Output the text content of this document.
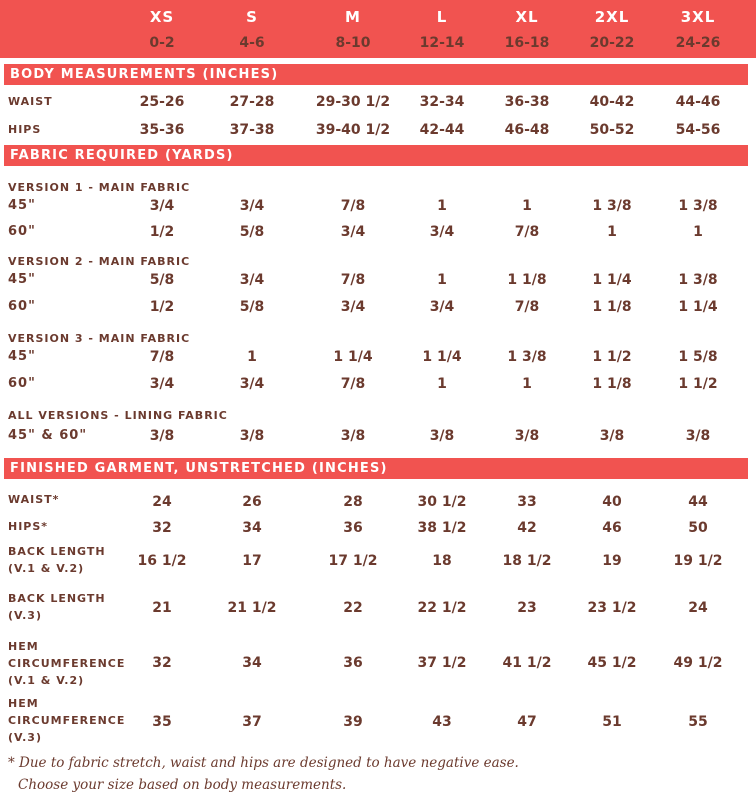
XS	S	M	L	XL	2XL	3XL
0-2	4-6	8-10	12-14	16-18	20-22	24-26
BODY MEASUREMENTS (INCHES)
WAIST	25-26	27-28	29-30 1/2	32-34	36-38	40-42	44-46
HIPS	35-36	37-38	39-40 1/2	42-44	46-48	50-52	54-56
FABRIC REQUIRED (YARDS)
VERSION 1 - MAIN FABRIC
45"	3/4	3/4	7/8	1	1	1 3/8	1 3/8
60"	1/2	5/8	3/4	3/4	7/8	1	1
VERSION 2 - MAIN FABRIC
45"	5/8	3/4	7/8	1	1 1/8	1 1/4	1 3/8
60"	1/2	5/8	3/4	3/4	7/8	1 1/8	1 1/4
VERSION 3 - MAIN FABRIC
45"	7/8	1	1 1/4	1 1/4	1 3/8	1 1/2	1 5/8
60"	3/4	3/4	7/8	1	1	1 1/8	1 1/2
ALL VERSIONS - LINING FABRIC
45" & 60"	3/8	3/8	3/8	3/8	3/8	3/8	3/8
FINISHED GARMENT, UNSTRETCHED (INCHES)
WAIST*	24	26	28	30 1/2	33	40	44
HIPS*	32	34	36	38 1/2	42	46	50
BACK LENGTH
(V.1 & V.2)	16 1/2	17	17 1/2	18	18 1/2	19	19 1/2
BACK LENGTH
(V.3)	21	21 1/2	22	22 1/2	23	23 1/2	24
HEM
CIRCUMFERENCE
(V.1 & V.2)
32	34	36	37 1/2	41 1/2	45 1/2	49 1/2
HEM
CIRCUMFERENCE
(V.3)
35	37	39	43	47	51	55
* Due to fabric stretch, waist and hips are designed to have negative ease.
Choose your size based on body measurements.
